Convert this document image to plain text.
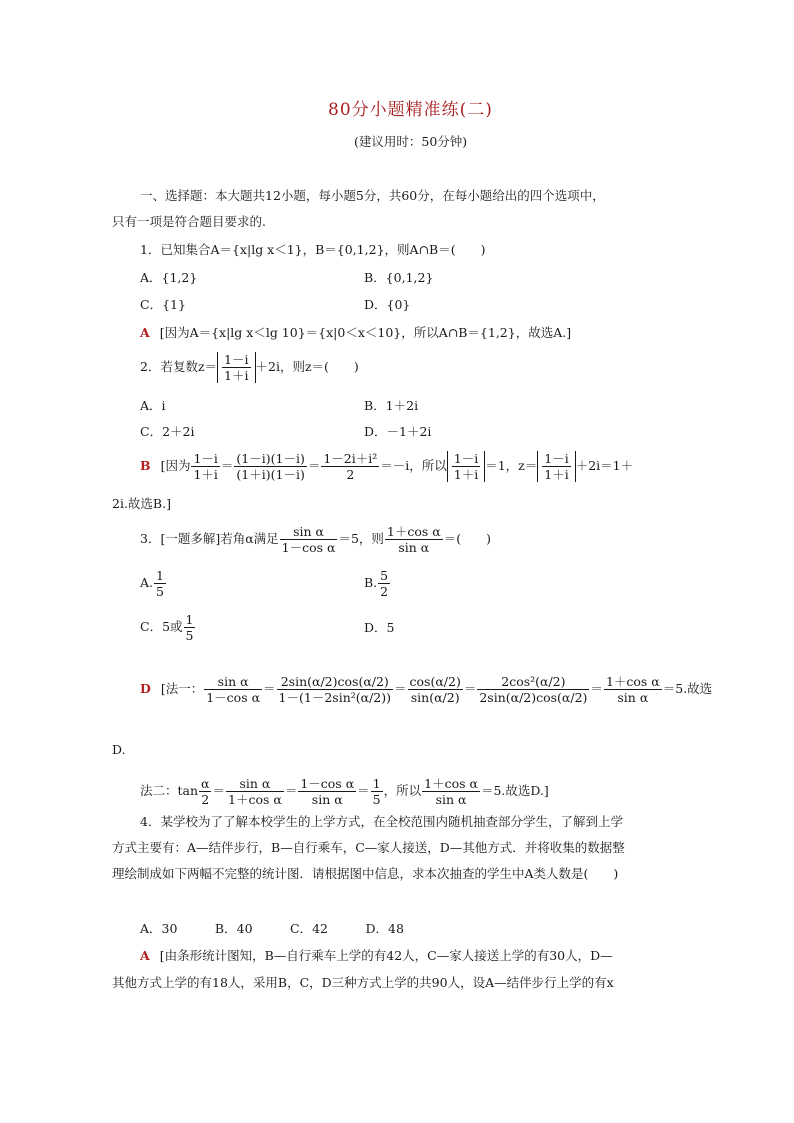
80分小题精准练(二)
(建议用时：50分钟)
一、选择题：本大题共12小题，每小题5分，共60分，在每小题给出的四个选项中，
只有一项是符合题目要求的.
1．已知集合A＝{x|lg x＜1}，B＝{0,1,2}，则A∩B＝(　　)
A．{1,2}	B．{0,1,2}
C．{1}	D．{0}
A [因为A＝{x|lg x＜lg 10}＝{x|0＜x＜10}，所以A∩B＝{1,2}，故选A.]
2．若复数$z= \frac{1-i}{1+i} +2i$，则z＝(　　)
A．i	B．1＋2i
C．2＋2i	D．－1＋2i
B [因为 $\frac{1-i}{1+i} = \frac{(1-i)(1-i)}{(1+i)(1-i)} = \frac{\text{1－2i＋i²}}{2} =-i$，所以 $\frac{1-i}{1+i} =1$，$z= \frac{1-i}{1+i} +2i=1+$
2i.故选B.]
3．[一题多解]若角α满足 $\frac{\text{sin α}}{\text{1－cos α}} =5$，则 $\frac{\text{1＋cos α}}{\text{sin α}}$ ＝(　　)
A. $\frac{1}{5}$	B. $\frac{5}{2}$
C．5或 $\frac{1}{5}$	D．5
D [法一： $\frac{\text{sin α}}{\text{1－cos α}} = \frac{2\sin(\alpha/2)\cos(\alpha/2)}{\text{1－(1－2sin²(α/2))}} = \frac{\cos(\alpha/2)}{\sin(\alpha/2)} = \frac{\text{2cos²(α/2)}}{2\sin(\alpha/2)\cos(\alpha/2)} = \frac{\text{1＋cos α}}{\text{sin α}} =5$.故选
D.
法二：$\tan \frac{\alpha}{2} = \frac{\text{sin α}}{\text{1＋cos α}} = \frac{\text{1－cos α}}{\text{sin α}} = \frac{1}{5}$ ，所以 $\frac{\text{1＋cos α}}{\text{sin α}} =5$.故选D.]
4．某学校为了了解本校学生的上学方式，在全校范围内随机抽查部分学生，了解到上学
方式主要有：A—结伴步行，B—自行乘车，C—家人接送，D—其他方式．并将收集的数据整
理绘制成如下两幅不完整的统计图．请根据图中信息，求本次抽查的学生中A类人数是(　　)
A．30　　　B．40　　　C．42　　　D．48
A [由条形统计图知，B—自行乘车上学的有42人，C—家人接送上学的有30人，D—
其他方式上学的有18人，采用B，C，D三种方式上学的共90人，设A—结伴步行上学的有x
